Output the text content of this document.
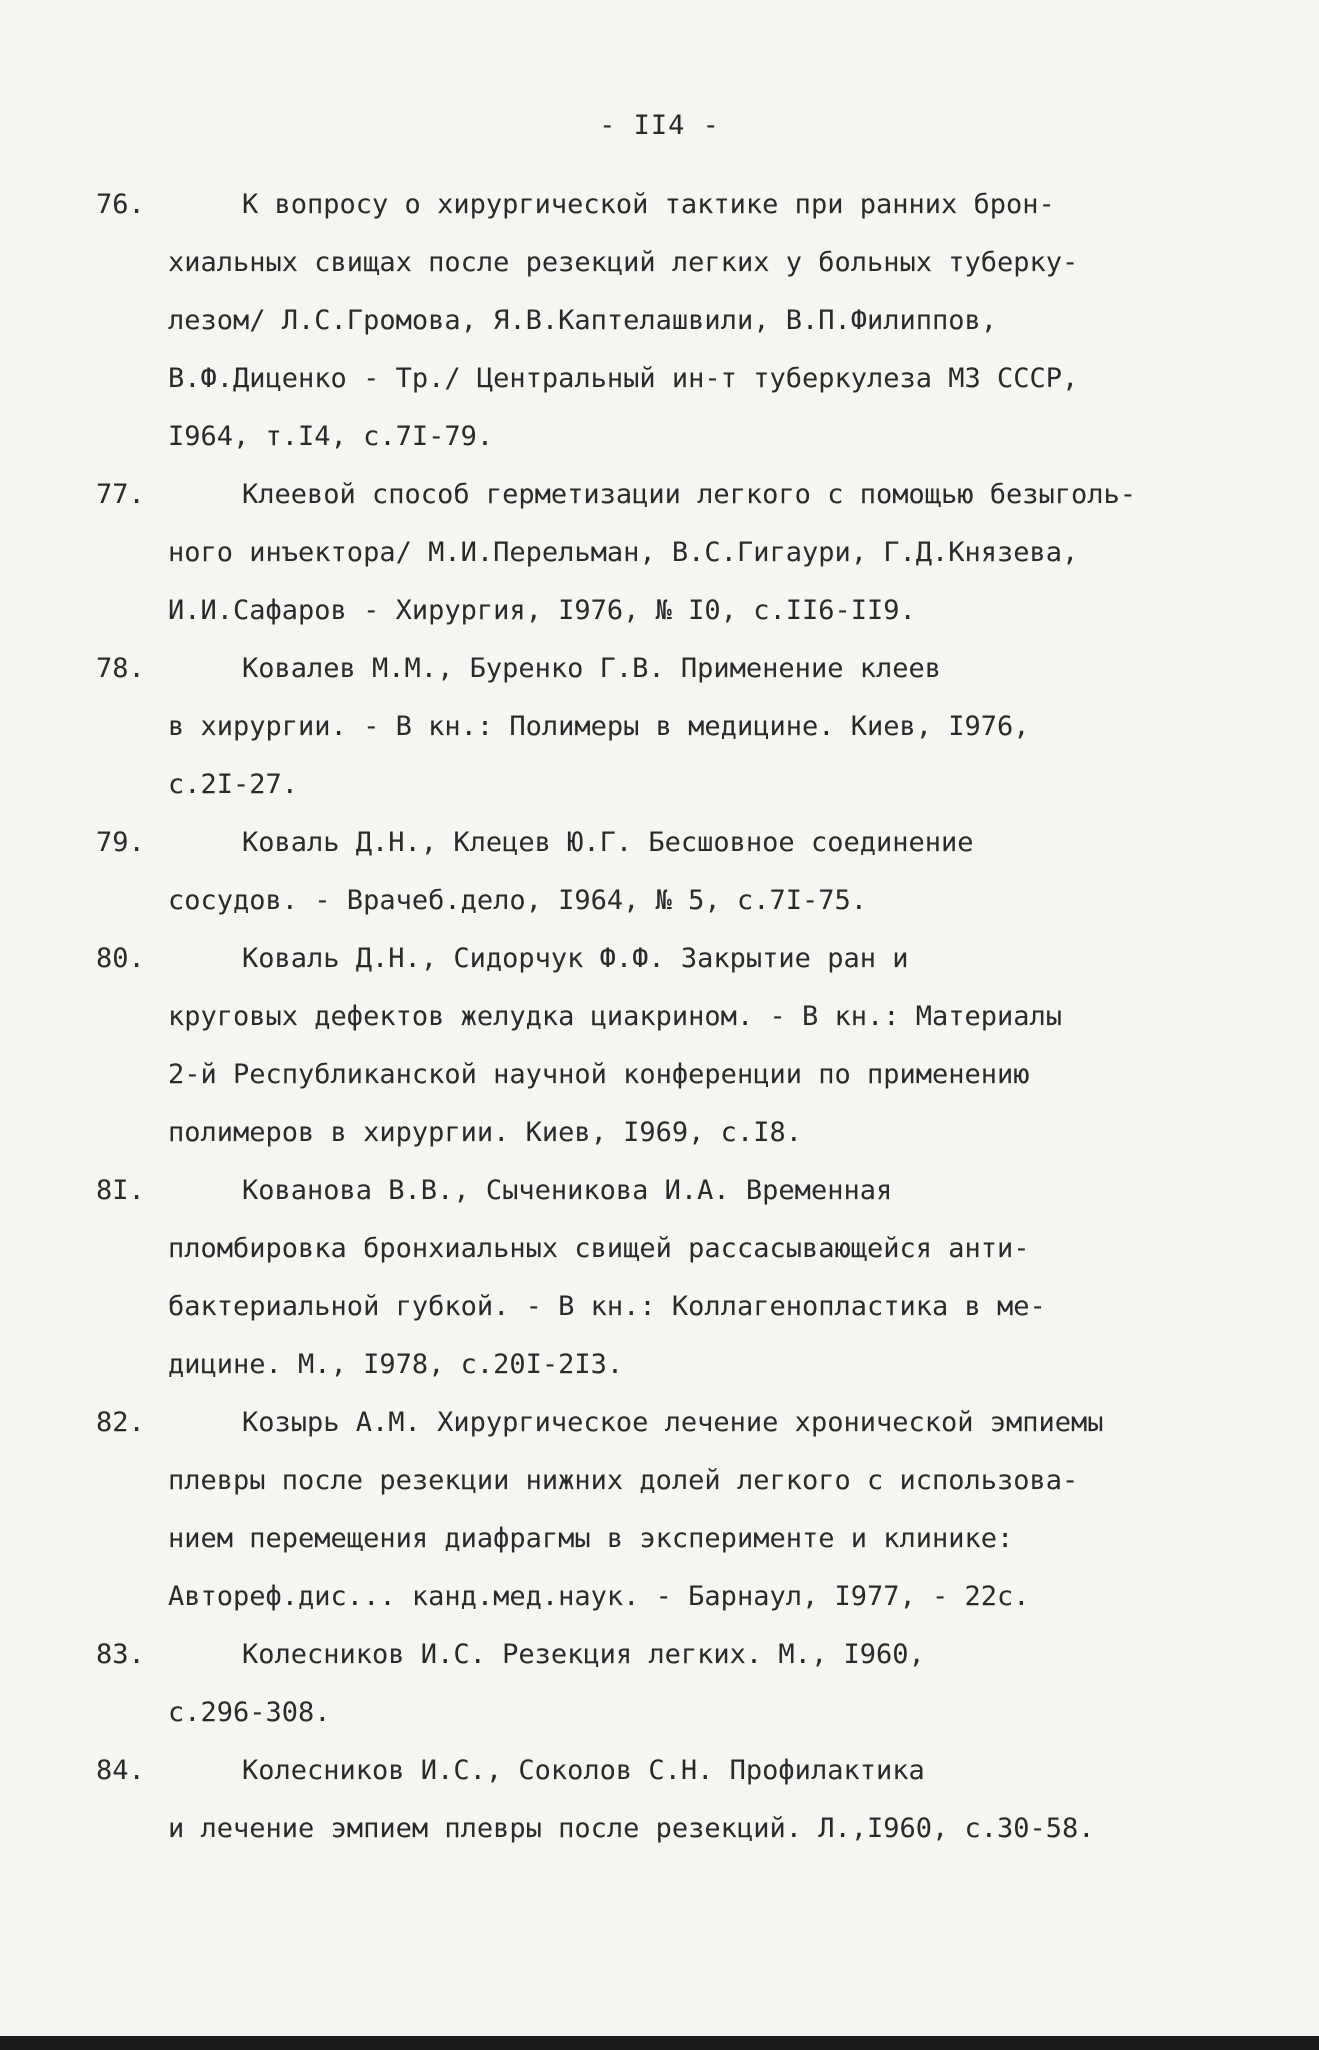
- II4 -
76.	К вопросу о хирургической тактике при ранних брон-
хиальных свищах после резекций легких у больных туберку-
лезом/ Л.С.Громова, Я.В.Каптелашвили, В.П.Филиппов,
В.Ф.Диценко - Тр./ Центральный ин-т туберкулеза МЗ СССР,
I964, т.I4, с.7I-79.
77.	Клеевой способ герметизации легкого с помощью безыголь-
ного инъектора/ М.И.Перельман, В.С.Гигаури, Г.Д.Князева,
И.И.Сафаров - Хирургия, I976, № I0, с.II6-II9.
78.	Ковалев М.М., Буренко Г.В. Применение клеев
в хирургии. - В кн.: Полимеры в медицине. Киев, I976,
с.2I-27.
79.	Коваль Д.Н., Клецев Ю.Г. Бесшовное соединение
сосудов. - Врачеб.дело, I964, № 5, с.7I-75.
80.	Коваль Д.Н., Сидорчук Ф.Ф. Закрытие ран и
круговых дефектов желудка циакрином. - В кн.: Материалы
2-й Республиканской научной конференции по применению
полимеров в хирургии. Киев, I969, с.I8.
8I.	Кованова В.В., Сыченикова И.А. Временная
пломбировка бронхиальных свищей рассасывающейся анти-
бактериальной губкой. - В кн.: Коллагенопластика в ме-
дицине. М., I978, с.20I-2I3.
82.	Козырь А.М. Хирургическое лечение хронической эмпиемы
плевры после резекции нижних долей легкого с использова-
нием перемещения диафрагмы в эксперименте и клинике:
Автореф.дис... канд.мед.наук. - Барнаул, I977, - 22с.
83.	Колесников И.С. Резекция легких. М., I960,
с.296-308.
84.	Колесников И.С., Соколов С.Н. Профилактика
и лечение эмпием плевры после резекций. Л.,I960, с.30-58.
